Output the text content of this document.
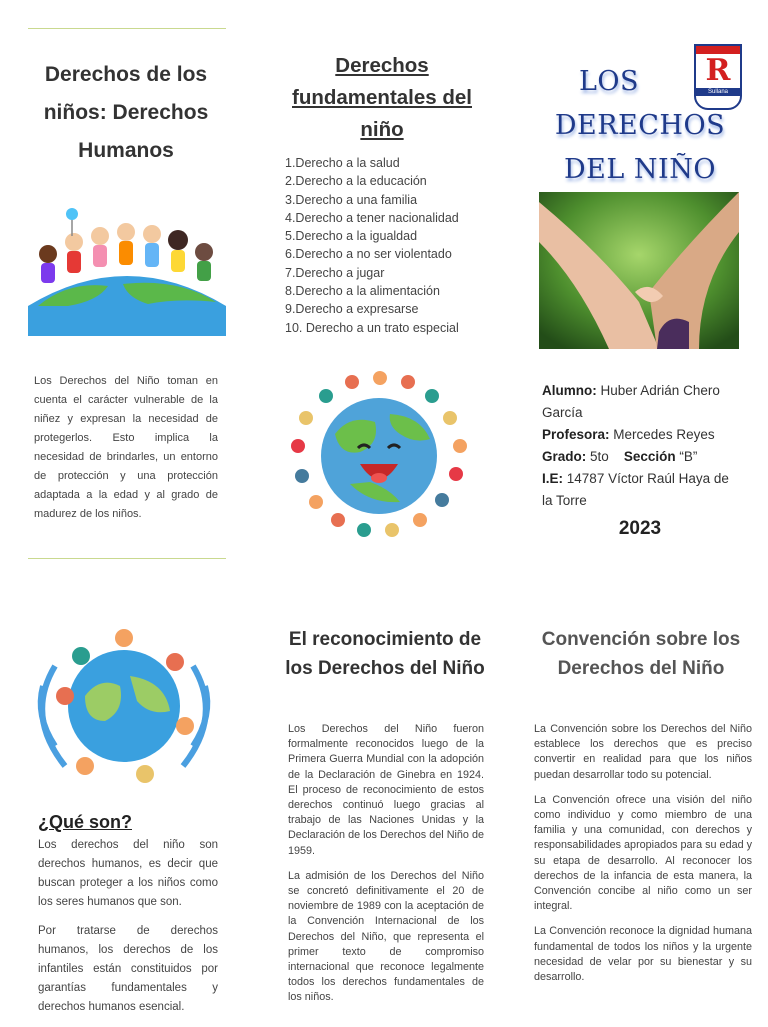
Derechos de los niños: Derechos Humanos

Los Derechos del Niño toman en cuenta el carácter vulnerable de la niñez y expresan la necesidad de protegerlos. Esto implica la necesidad de brindarles, un entorno de protección y una protección adaptada a la edad y al grado de madurez de los niños.

Derechos fundamentales del niño
1.Derecho a la salud
2.Derecho a la educación
3.Derecho a una familia
4.Derecho a tener nacionalidad
5.Derecho a la igualdad
6.Derecho a no ser violentado
7.Derecho a jugar
8.Derecho a la alimentación
9.Derecho a expresarse
10. Derecho a un trato especial
LOS
DERECHOS
DEL NIÑO
R
Sullana
Alumno: Huber Adrián Chero García
Profesora: Mercedes Reyes
Grado: 5to Sección “B”
I.E: 14787 Víctor Raúl Haya de la Torre
2023
¿Qué son?

Los derechos del niño son derechos humanos, es decir que buscan proteger a los niños como los seres humanos que son.

Por tratarse de derechos humanos, los derechos de los infantiles están constituidos por garantías fundamentales y derechos humanos esencial.

El reconocimiento de los Derechos del Niño

Los Derechos del Niño fueron formalmente reconocidos luego de la Primera Guerra Mundial con la adopción de la Declaración de Ginebra en 1924. El proceso de reconocimiento de estos derechos continuó luego gracias al trabajo de las Naciones Unidas y la Declaración de los Derechos del Niño de 1959.

La admisión de los Derechos del Niño se concretó definitivamente el 20 de noviembre de 1989 con la aceptación de la Convención Internacional de los Derechos del Niño, que representa el primer texto de compromiso internacional que reconoce legalmente todos los derechos fundamentales de los niños.

Convención sobre los Derechos del Niño

La Convención sobre los Derechos del Niño establece los derechos que es preciso convertir en realidad para que los niños puedan desarrollar todo su potencial.

La Convención ofrece una visión del niño como individuo y como miembro de una familia y una comunidad, con derechos y responsabilidades apropiados para su edad y su etapa de desarrollo. Al reconocer los derechos de la infancia de esta manera, la Convención concibe al niño como un ser integral.

La Convención reconoce la dignidad humana fundamental de todos los niños y la urgente necesidad de velar por su bienestar y su desarrollo.
